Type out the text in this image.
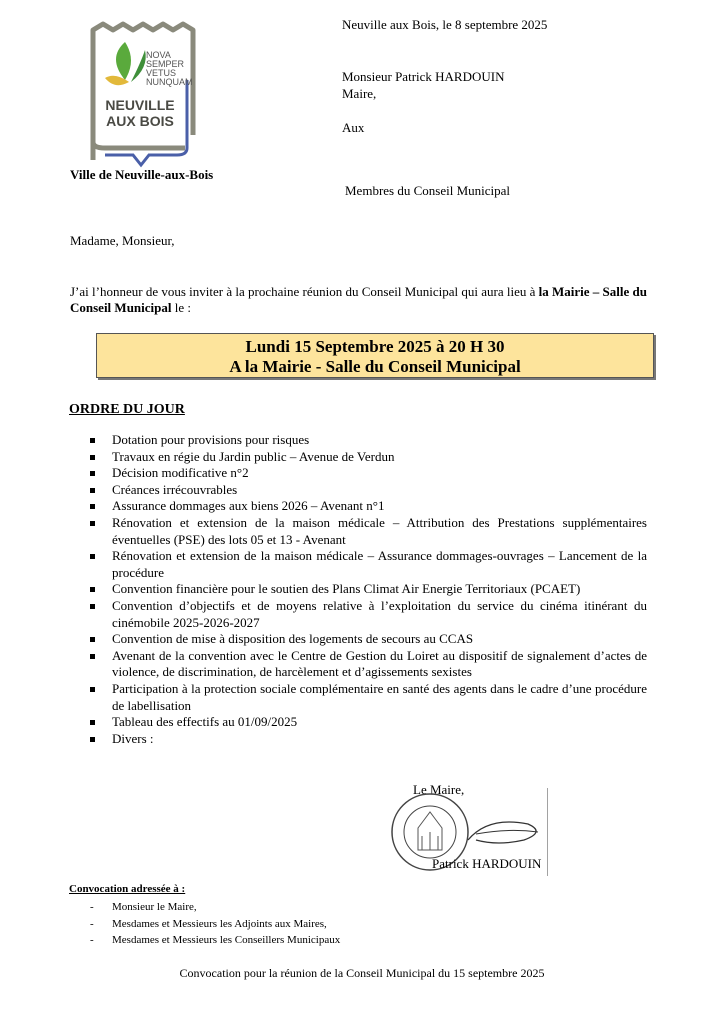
NOVA
SEMPER
VETUS
NUNQUAM
NEUVILLE
AUX BOIS
Ville de Neuville-aux-Bois
Neuville aux Bois, le 8 septembre 2025
Monsieur Patrick HARDOUIN
Maire,
Aux
Membres du Conseil Municipal
Madame, Monsieur,
J’ai l’honneur de vous inviter à la prochaine réunion du Conseil Municipal qui aura lieu à la Mairie – Salle du Conseil Municipal le :
Lundi 15 Septembre 2025 à 20 H 30
A la Mairie - Salle du Conseil Municipal
ORDRE DU JOUR
Dotation pour provisions pour risques
Travaux en régie du Jardin public – Avenue de Verdun
Décision modificative n°2
Créances irrécouvrables
Assurance dommages aux biens 2026 – Avenant n°1
Rénovation et extension de la maison médicale – Attribution des Prestations supplémentaires éventuelles (PSE) des lots 05 et 13 - Avenant
Rénovation et extension de la maison médicale – Assurance dommages-ouvrages – Lancement de la procédure
Convention financière pour le soutien des Plans Climat Air Energie Territoriaux (PCAET)
Convention d’objectifs et de moyens relative à l’exploitation du service du cinéma itinérant du cinémobile 2025-2026-2027
Convention de mise à disposition des logements de secours au CCAS
Avenant de la convention avec le Centre de Gestion du Loiret au dispositif de signalement d’actes de violence, de discrimination, de harcèlement et d’agissements sexistes
Participation à la protection sociale complémentaire en santé des agents dans le cadre d’une procédure de labellisation
Tableau des effectifs au 01/09/2025
Divers :
Le Maire,
Patrick HARDOUIN
Convocation adressée à :
- Monsieur le Maire,
- Mesdames et Messieurs les Adjoints aux Maires,
- Mesdames et Messieurs les Conseillers Municipaux
Convocation pour la réunion de la Conseil Municipal du 15 septembre 2025
